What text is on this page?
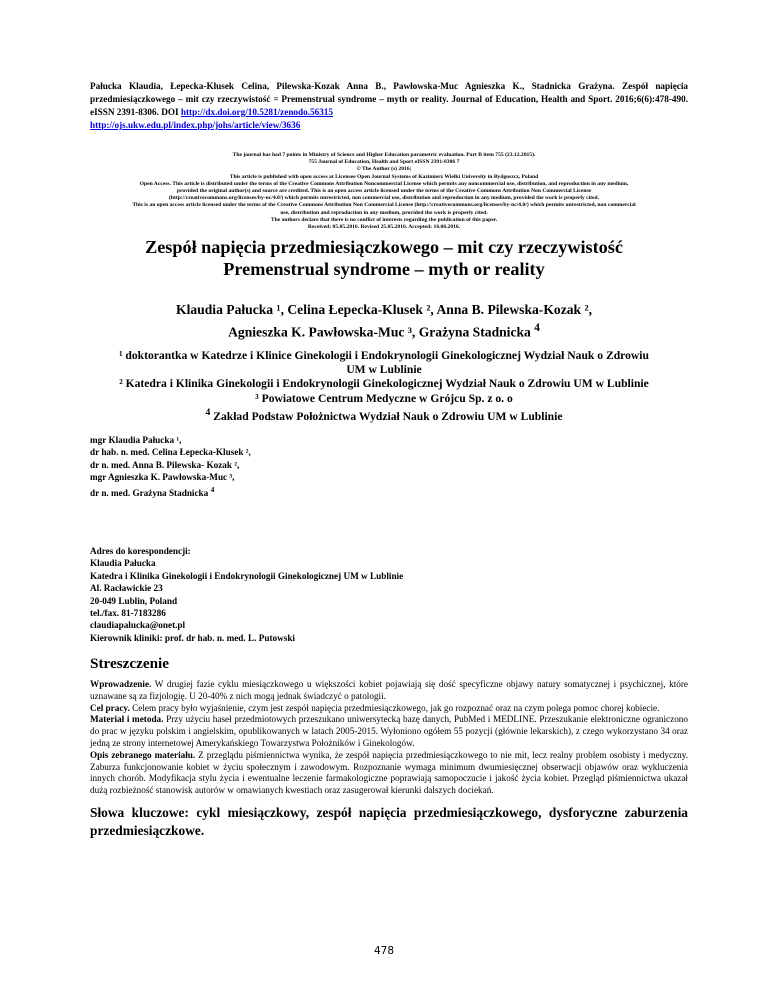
Pałucka Klaudia, Łepecka-Klusek Celina, Pilewska-Kozak Anna B., Pawłowska-Muc Agnieszka K., Stadnicka Grażyna. Zespół napięcia przedmiesiączkowego – mit czy rzeczywistość = Premenstrual syndrome – myth or reality. Journal of Education, Health and Sport. 2016;6(6):478-490. eISSN 2391-8306. DOI http://dx.doi.org/10.5281/zenodo.56315
http://ojs.ukw.edu.pl/index.php/johs/article/view/3636
The journal has had 7 points in Ministry of Science and Higher Education parametric evaluation. Part B item 755 (23.12.2015).
755 Journal of Education, Health and Sport eISSN 2391-8306 7
© The Author (s) 2016;
This article is published with open access at Licensee Open Journal Systems of Kazimierz Wielki University in Bydgoszcz, Poland
Open Access. This article is distributed under the terms of the Creative Commons Attribution Noncommercial License which permits any noncommercial use, distribution, and reproduction in any medium,
provided the original author(s) and source are credited. This is an open access article licensed under the terms of the Creative Commons Attribution Non Commercial License
(http://creativecommons.org/licenses/by-nc/4.0/) which permits unrestricted, non commercial use, distribution and reproduction in any medium, provided the work is properly cited.
This is an open access article licensed under the terms of the Creative Commons Attribution Non Commercial License (http://creativecommons.org/licenses/by-nc/4.0/) which permits unrestricted, non commercial
use, distribution and reproduction in any medium, provided the work is properly cited.
The authors declare that there is no conflict of interests regarding the publication of this paper.
Received: 05.05.2016. Revised 25.05.2016. Accepted: 16.06.2016.
Zespół napięcia przedmiesiączkowego – mit czy rzeczywistość
Premenstrual syndrome – myth or reality
Klaudia Pałucka ¹, Celina Łepecka-Klusek ², Anna B. Pilewska-Kozak ²,
Agnieszka K. Pawłowska-Muc ³, Grażyna Stadnicka $^4$
¹ doktorantka w Katedrze i Klinice Ginekologii i Endokrynologii Ginekologicznej Wydział Nauk o Zdrowiu
UM w Lublinie
² Katedra i Klinika Ginekologii i Endokrynologii Ginekologicznej Wydział Nauk o Zdrowiu UM w Lublinie
³ Powiatowe Centrum Medyczne w Grójcu Sp. z o. o
$^4$ Zakład Podstaw Położnictwa Wydział Nauk o Zdrowiu UM w Lublinie
mgr Klaudia Pałucka ¹,
dr hab. n. med. Celina Łepecka-Klusek ²,
dr n. med. Anna B. Pilewska- Kozak ²,
mgr Agnieszka K. Pawłowska-Muc ³,
dr n. med. Grażyna Stadnicka $^4$
Adres do korespondencji:
Klaudia Pałucka
Katedra i Klinika Ginekologii i Endokrynologii Ginekologicznej UM w Lublinie
Al. Racławickie 23
20-049 Lublin, Poland
tel./fax. 81-7183286
claudiapalucka@onet.pl
Kierownik kliniki: prof. dr hab. n. med. L. Putowski
Streszczenie

Wprowadzenie. W drugiej fazie cyklu miesiączkowego u większości kobiet pojawiają się dość specyficzne objawy natury somatycznej i psychicznej, które uznawane są za fizjologię. U 20-40% z nich mogą jednak świadczyć o patologii.

Cel pracy. Celem pracy było wyjaśnienie, czym jest zespół napięcia przedmiesiączkowego, jak go rozpoznać oraz na czym polega pomoc chorej kobiecie.

Materiał i metoda. Przy użyciu haseł przedmiotowych przeszukano uniwersytecką bazę danych, PubMed i MEDLINE. Przeszukanie elektroniczne ograniczono do prac w języku polskim i angielskim, opublikowanych w latach 2005-2015. Wyłoniono ogółem 55 pozycji (głównie lekarskich), z czego wykorzystano 34 oraz jedną ze strony internetowej Amerykańskiego Towarzystwa Położników i Ginekologów.

Opis zebranego materiału. Z przeglądu piśmiennictwa wynika, że zespół napięcia przedmiesiączkowego to nie mit, lecz realny problem osobisty i medyczny. Zaburza funkcjonowanie kobiet w życiu społecznym i zawodowym. Rozpoznanie wymaga minimum dwumiesięcznej obserwacji objawów oraz wykluczenia innych chorób. Modyfikacja stylu życia i ewentualne leczenie farmakologiczne poprawiają samopoczucie i jakość życia kobiet. Przegląd piśmiennictwa ukazał dużą rozbieżność stanowisk autorów w omawianych kwestiach oraz zasugerował kierunki dalszych dociekań.

Słowa kluczowe: cykl miesiączkowy, zespół napięcia przedmiesiączkowego, dysforyczne zaburzenia przedmiesiączkowe.
478
